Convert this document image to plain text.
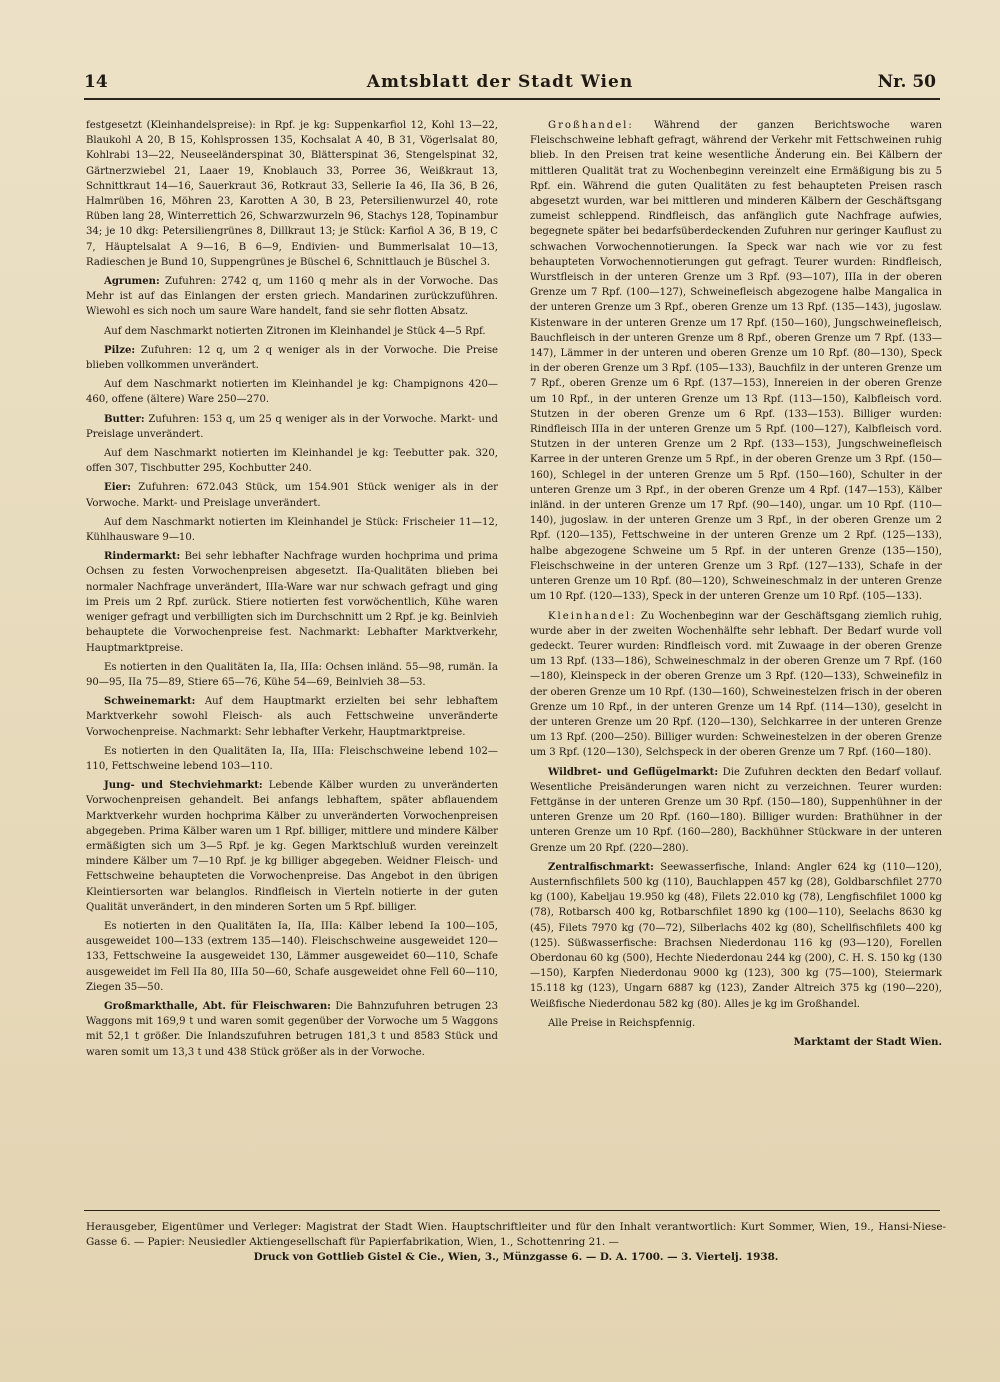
14	Amtsblatt der Stadt Wien	Nr. 50

festgesetzt (Kleinhandelspreise): in Rpf. je kg: Suppenkarfiol 12, Kohl 13—22, Blaukohl A 20, B 15, Kohlsprossen 135, Kochsalat A 40, B 31, Vögerlsalat 80, Kohlrabi 13—22, Neuseeländerspinat 30, Blätterspinat 36, Stengelspinat 32, Gärtnerzwiebel 21, Laaer 19, Knoblauch 33, Porree 36, Weißkraut 13, Schnittkraut 14—16, Sauerkraut 36, Rotkraut 33, Sellerie Ia 46, IIa 36, B 26, Halmrüben 16, Möhren 23, Karotten A 30, B 23, Petersilienwurzel 40, rote Rüben lang 28, Winterrettich 26, Schwarzwurzeln 96, Stachys 128, Topinambur 34; je 10 dkg: Petersiliengrünes 8, Dillkraut 13; je Stück: Karfiol A 36, B 19, C 7, Häuptelsalat A 9—16, B 6—9, Endivien- und Bummerlsalat 10—13, Radieschen je Bund 10, Suppengrünes je Büschel 6, Schnittlauch je Büschel 3.

Agrumen: Zufuhren: 2742 q, um 1160 q mehr als in der Vorwoche. Das Mehr ist auf das Einlangen der ersten griech. Mandarinen zurückzuführen. Wiewohl es sich noch um saure Ware handelt, fand sie sehr flotten Absatz.

Auf dem Naschmarkt notierten Zitronen im Kleinhandel je Stück 4—5 Rpf.

Pilze: Zufuhren: 12 q, um 2 q weniger als in der Vorwoche. Die Preise blieben vollkommen unverändert.

Auf dem Naschmarkt notierten im Kleinhandel je kg: Champignons 420—460, offene (ältere) Ware 250—270.

Butter: Zufuhren: 153 q, um 25 q weniger als in der Vorwoche. Markt- und Preislage unverändert.

Auf dem Naschmarkt notierten im Kleinhandel je kg: Teebutter pak. 320, offen 307, Tischbutter 295, Kochbutter 240.

Eier: Zufuhren: 672.043 Stück, um 154.901 Stück weniger als in der Vorwoche. Markt- und Preislage unverändert.

Auf dem Naschmarkt notierten im Kleinhandel je Stück: Frischeier 11—12, Kühlhausware 9—10.

Rindermarkt: Bei sehr lebhafter Nachfrage wurden hochprima und prima Ochsen zu festen Vorwochenpreisen abgesetzt. IIa-Qualitäten blieben bei normaler Nachfrage unverändert, IIIa-Ware war nur schwach gefragt und ging im Preis um 2 Rpf. zurück. Stiere notierten fest vorwöchentlich, Kühe waren weniger gefragt und verbilligten sich im Durchschnitt um 2 Rpf. je kg. Beinlvieh behauptete die Vorwochenpreise fest. Nachmarkt: Lebhafter Marktverkehr, Hauptmarktpreise.

Es notierten in den Qualitäten Ia, IIa, IIIa: Ochsen inländ. 55—98, rumän. Ia 90—95, IIa 75—89, Stiere 65—76, Kühe 54—69, Beinlvieh 38—53.

Schweinemarkt: Auf dem Hauptmarkt erzielten bei sehr lebhaftem Marktverkehr sowohl Fleisch- als auch Fettschweine unveränderte Vorwochenpreise. Nachmarkt: Sehr lebhafter Verkehr, Hauptmarktpreise.

Es notierten in den Qualitäten Ia, IIa, IIIa: Fleischschweine lebend 102—110, Fettschweine lebend 103—110.

Jung- und Stechviehmarkt: Lebende Kälber wurden zu unveränderten Vorwochenpreisen gehandelt. Bei anfangs lebhaftem, später abflauendem Marktverkehr wurden hochprima Kälber zu unveränderten Vorwochenpreisen abgegeben. Prima Kälber waren um 1 Rpf. billiger, mittlere und mindere Kälber ermäßigten sich um 3—5 Rpf. je kg. Gegen Marktschluß wurden vereinzelt mindere Kälber um 7—10 Rpf. je kg billiger abgegeben. Weidner Fleisch- und Fettschweine behaupteten die Vorwochenpreise. Das Angebot in den übrigen Kleintiersorten war belanglos. Rindfleisch in Vierteln notierte in der guten Qualität unverändert, in den minderen Sorten um 5 Rpf. billiger.

Es notierten in den Qualitäten Ia, IIa, IIIa: Kälber lebend Ia 100—105, ausgeweidet 100—133 (extrem 135—140). Fleischschweine ausgeweidet 120—133, Fettschweine Ia ausgeweidet 130, Lämmer ausgeweidet 60—110, Schafe ausgeweidet im Fell IIa 80, IIIa 50—60, Schafe ausgeweidet ohne Fell 60—110, Ziegen 35—50.

Großmarkthalle, Abt. für Fleischwaren: Die Bahnzufuhren betrugen 23 Waggons mit 169,9 t und waren somit gegenüber der Vorwoche um 5 Waggons mit 52,1 t größer. Die Inlandszufuhren betrugen 181,3 t und 8583 Stück und waren somit um 13,3 t und 438 Stück größer als in der Vorwoche.

Großhandel: Während der ganzen Berichtswoche waren Fleischschweine lebhaft gefragt, während der Verkehr mit Fettschweinen ruhig blieb. In den Preisen trat keine wesentliche Änderung ein. Bei Kälbern der mittleren Qualität trat zu Wochenbeginn vereinzelt eine Ermäßigung bis zu 5 Rpf. ein. Während die guten Qualitäten zu fest behaupteten Preisen rasch abgesetzt wurden, war bei mittleren und minderen Kälbern der Geschäftsgang zumeist schleppend. Rindfleisch, das anfänglich gute Nachfrage aufwies, begegnete später bei bedarfsüberdeckenden Zufuhren nur geringer Kauflust zu schwachen Vorwochennotierungen. Ia Speck war nach wie vor zu fest behaupteten Vorwochennotierungen gut gefragt. Teurer wurden: Rindfleisch, Wurstfleisch in der unteren Grenze um 3 Rpf. (93—107), IIIa in der oberen Grenze um 7 Rpf. (100—127), Schweinefleisch abgezogene halbe Mangalica in der unteren Grenze um 3 Rpf., oberen Grenze um 13 Rpf. (135—143), jugoslaw. Kistenware in der unteren Grenze um 17 Rpf. (150—160), Jungschweinefleisch, Bauchfleisch in der unteren Grenze um 8 Rpf., oberen Grenze um 7 Rpf. (133—147), Lämmer in der unteren und oberen Grenze um 10 Rpf. (80—130), Speck in der oberen Grenze um 3 Rpf. (105—133), Bauchfilz in der unteren Grenze um 7 Rpf., oberen Grenze um 6 Rpf. (137—153), Innereien in der oberen Grenze um 10 Rpf., in der unteren Grenze um 13 Rpf. (113—150), Kalbfleisch vord. Stutzen in der oberen Grenze um 6 Rpf. (133—153). Billiger wurden: Rindfleisch IIIa in der unteren Grenze um 5 Rpf. (100—127), Kalbfleisch vord. Stutzen in der unteren Grenze um 2 Rpf. (133—153), Jungschweinefleisch Karree in der unteren Grenze um 5 Rpf., in der oberen Grenze um 3 Rpf. (150—160), Schlegel in der unteren Grenze um 5 Rpf. (150—160), Schulter in der unteren Grenze um 3 Rpf., in der oberen Grenze um 4 Rpf. (147—153), Kälber inländ. in der unteren Grenze um 17 Rpf. (90—140), ungar. um 10 Rpf. (110—140), jugoslaw. in der unteren Grenze um 3 Rpf., in der oberen Grenze um 2 Rpf. (120—135), Fettschweine in der unteren Grenze um 2 Rpf. (125—133), halbe abgezogene Schweine um 5 Rpf. in der unteren Grenze (135—150), Fleischschweine in der unteren Grenze um 3 Rpf. (127—133), Schafe in der unteren Grenze um 10 Rpf. (80—120), Schweineschmalz in der unteren Grenze um 10 Rpf. (120—133), Speck in der unteren Grenze um 10 Rpf. (105—133).

Kleinhandel: Zu Wochenbeginn war der Geschäftsgang ziemlich ruhig, wurde aber in der zweiten Wochenhälfte sehr lebhaft. Der Bedarf wurde voll gedeckt. Teurer wurden: Rindfleisch vord. mit Zuwaage in der oberen Grenze um 13 Rpf. (133—186), Schweineschmalz in der oberen Grenze um 7 Rpf. (160—180), Kleinspeck in der oberen Grenze um 3 Rpf. (120—133), Schweinefilz in der oberen Grenze um 10 Rpf. (130—160), Schweinestelzen frisch in der oberen Grenze um 10 Rpf., in der unteren Grenze um 14 Rpf. (114—130), geselcht in der unteren Grenze um 20 Rpf. (120—130), Selchkarree in der unteren Grenze um 13 Rpf. (200—250). Billiger wurden: Schweinestelzen in der oberen Grenze um 3 Rpf. (120—130), Selchspeck in der oberen Grenze um 7 Rpf. (160—180).

Wildbret- und Geflügelmarkt: Die Zufuhren deckten den Bedarf vollauf. Wesentliche Preisänderungen waren nicht zu verzeichnen. Teurer wurden: Fettgänse in der unteren Grenze um 30 Rpf. (150—180), Suppenhühner in der unteren Grenze um 20 Rpf. (160—180). Billiger wurden: Brathühner in der unteren Grenze um 10 Rpf. (160—280), Backhühner Stückware in der unteren Grenze um 20 Rpf. (220—280).

Zentralfischmarkt: Seewasserfische, Inland: Angler 624 kg (110—120), Austernfischfilets 500 kg (110), Bauchlappen 457 kg (28), Goldbarschfilet 2770 kg (100), Kabeljau 19.950 kg (48), Filets 22.010 kg (78), Lengfischfilet 1000 kg (78), Rotbarsch 400 kg, Rotbarschfilet 1890 kg (100—110), Seelachs 8630 kg (45), Filets 7970 kg (70—72), Silberlachs 402 kg (80), Schellfischfilets 400 kg (125). Süßwasserfische: Brachsen Niederdonau 116 kg (93—120), Forellen Oberdonau 60 kg (500), Hechte Niederdonau 244 kg (200), C. H. S. 150 kg (130—150), Karpfen Niederdonau 9000 kg (123), 300 kg (75—100), Steiermark 15.118 kg (123), Ungarn 6887 kg (123), Zander Altreich 375 kg (190—220), Weißfische Niederdonau 582 kg (80). Alles je kg im Großhandel.

Alle Preise in Reichspfennig.

Marktamt der Stadt Wien.

Herausgeber, Eigentümer und Verleger: Magistrat der Stadt Wien. Hauptschriftleiter und für den Inhalt verantwortlich: Kurt Sommer, Wien, 19., Hansi-Niese-Gasse 6. — Papier: Neusiedler Aktiengesellschaft für Papierfabrikation, Wien, 1., Schottenring 21. —
Druck von Gottlieb Gistel & Cie., Wien, 3., Münzgasse 6. — D. A. 1700. — 3. Viertelj. 1938.
